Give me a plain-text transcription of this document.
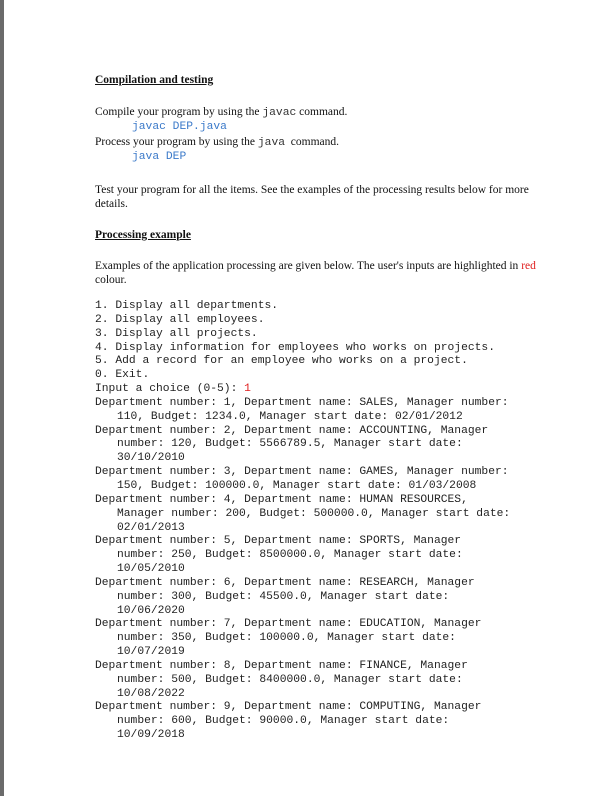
Compilation and testing

Compile your program by using the javac command.

javac DEP.java

Process your program by using the java  command.

java DEP

Test your program for all the items. See the examples of the processing results below for more details.

Processing example

Examples of the application processing are given below. The user's inputs are highlighted in red colour.

1. Display all departments.
2. Display all employees.
3. Display all projects.
4. Display information for employees who works on projects.
5. Add a record for an employee who works on a project.
0. Exit.
Input a choice (0-5): 1
Department number: 1, Department name: SALES, Manager number:
110, Budget: 1234.0, Manager start date: 02/01/2012
Department number: 2, Department name: ACCOUNTING, Manager
number: 120, Budget: 5566789.5, Manager start date:
30/10/2010
Department number: 3, Department name: GAMES, Manager number:
150, Budget: 100000.0, Manager start date: 01/03/2008
Department number: 4, Department name: HUMAN RESOURCES,
Manager number: 200, Budget: 500000.0, Manager start date:
02/01/2013
Department number: 5, Department name: SPORTS, Manager
number: 250, Budget: 8500000.0, Manager start date:
10/05/2010
Department number: 6, Department name: RESEARCH, Manager
number: 300, Budget: 45500.0, Manager start date:
10/06/2020
Department number: 7, Department name: EDUCATION, Manager
number: 350, Budget: 100000.0, Manager start date:
10/07/2019
Department number: 8, Department name: FINANCE, Manager
number: 500, Budget: 8400000.0, Manager start date:
10/08/2022
Department number: 9, Department name: COMPUTING, Manager
number: 600, Budget: 90000.0, Manager start date:
10/09/2018
